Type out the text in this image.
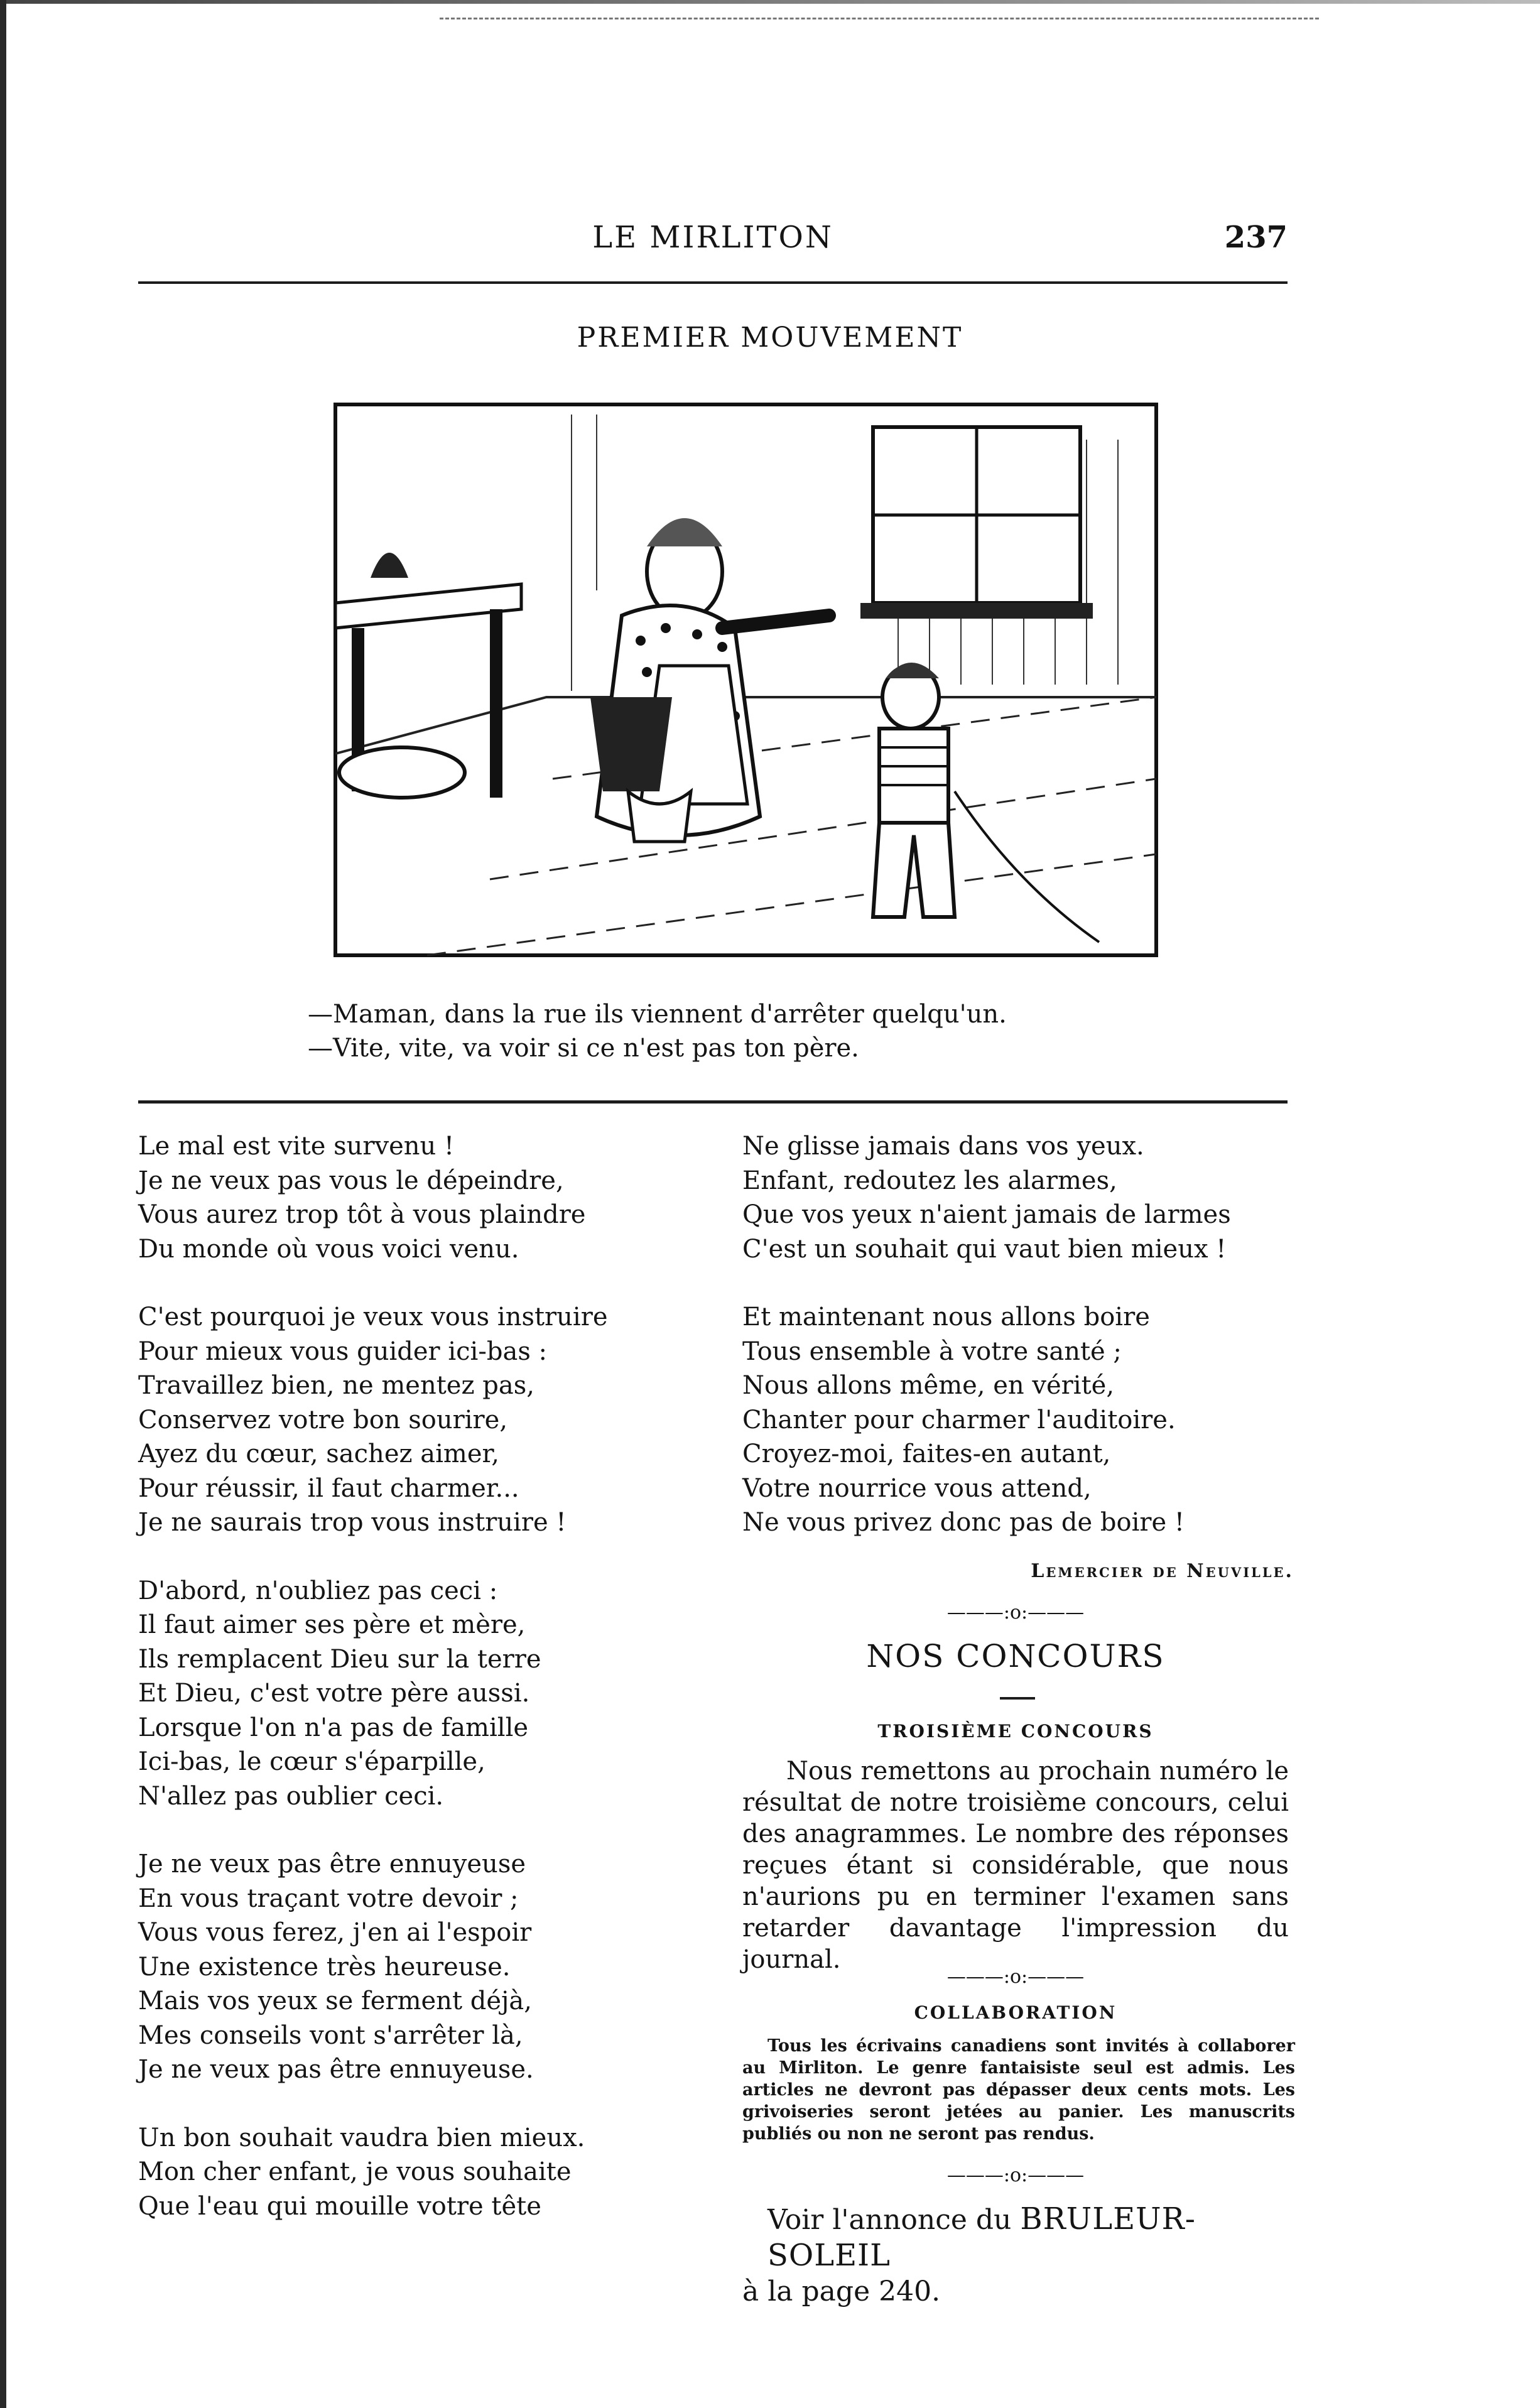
LE MIRLITON	237
PREMIER MOUVEMENT
—Maman, dans la rue ils viennent d'arrêter quelqu'un.
—Vite, vite, va voir si ce n'est pas ton père.
Le mal est vite survenu !
Je ne veux pas vous le dépeindre,
Vous aurez trop tôt à vous plaindre
Du monde où vous voici venu.
C'est pourquoi je veux vous instruire
Pour mieux vous guider ici-bas :
Travaillez bien, ne mentez pas,
Conservez votre bon sourire,
Ayez du cœur, sachez aimer,
Pour réussir, il faut charmer...
Je ne saurais trop vous instruire !
D'abord, n'oubliez pas ceci :
Il faut aimer ses père et mère,
Ils remplacent Dieu sur la terre
Et Dieu, c'est votre père aussi.
Lorsque l'on n'a pas de famille
Ici-bas, le cœur s'éparpille,
N'allez pas oublier ceci.
Je ne veux pas être ennuyeuse
En vous traçant votre devoir ;
Vous vous ferez, j'en ai l'espoir
Une existence très heureuse.
Mais vos yeux se ferment déjà,
Mes conseils vont s'arrêter là,
Je ne veux pas être ennuyeuse.
Un bon souhait vaudra bien mieux.
Mon cher enfant, je vous souhaite
Que l'eau qui mouille votre tête
Ne glisse jamais dans vos yeux.
Enfant, redoutez les alarmes,
Que vos yeux n'aient jamais de larmes
C'est un souhait qui vaut bien mieux !
Et maintenant nous allons boire
Tous ensemble à votre santé ;
Nous allons même, en vérité,
Chanter pour charmer l'auditoire.
Croyez-moi, faites-en autant,
Votre nourrice vous attend,
Ne vous privez donc pas de boire !
Lemercier de Neuville.
———:o:———
NOS CONCOURS
TROISIÈME CONCOURS
Nous remettons au prochain numéro le résultat de notre troisième concours, celui des anagrammes. Le nombre des réponses reçues étant si considérable, que nous n'aurions pu en terminer l'examen sans retarder davantage l'impression du journal.
———:o:———
COLLABORATION
Tous les écrivains canadiens sont invités à collaborer au Mirliton. Le genre fantaisiste seul est admis. Les articles ne devront pas dépasser deux cents mots. Les grivoiseries seront jetées au panier. Les manuscrits publiés ou non ne seront pas rendus.
———:o:———
Voir l'annonce du BRULEUR-SOLEIL
à la page 240.
